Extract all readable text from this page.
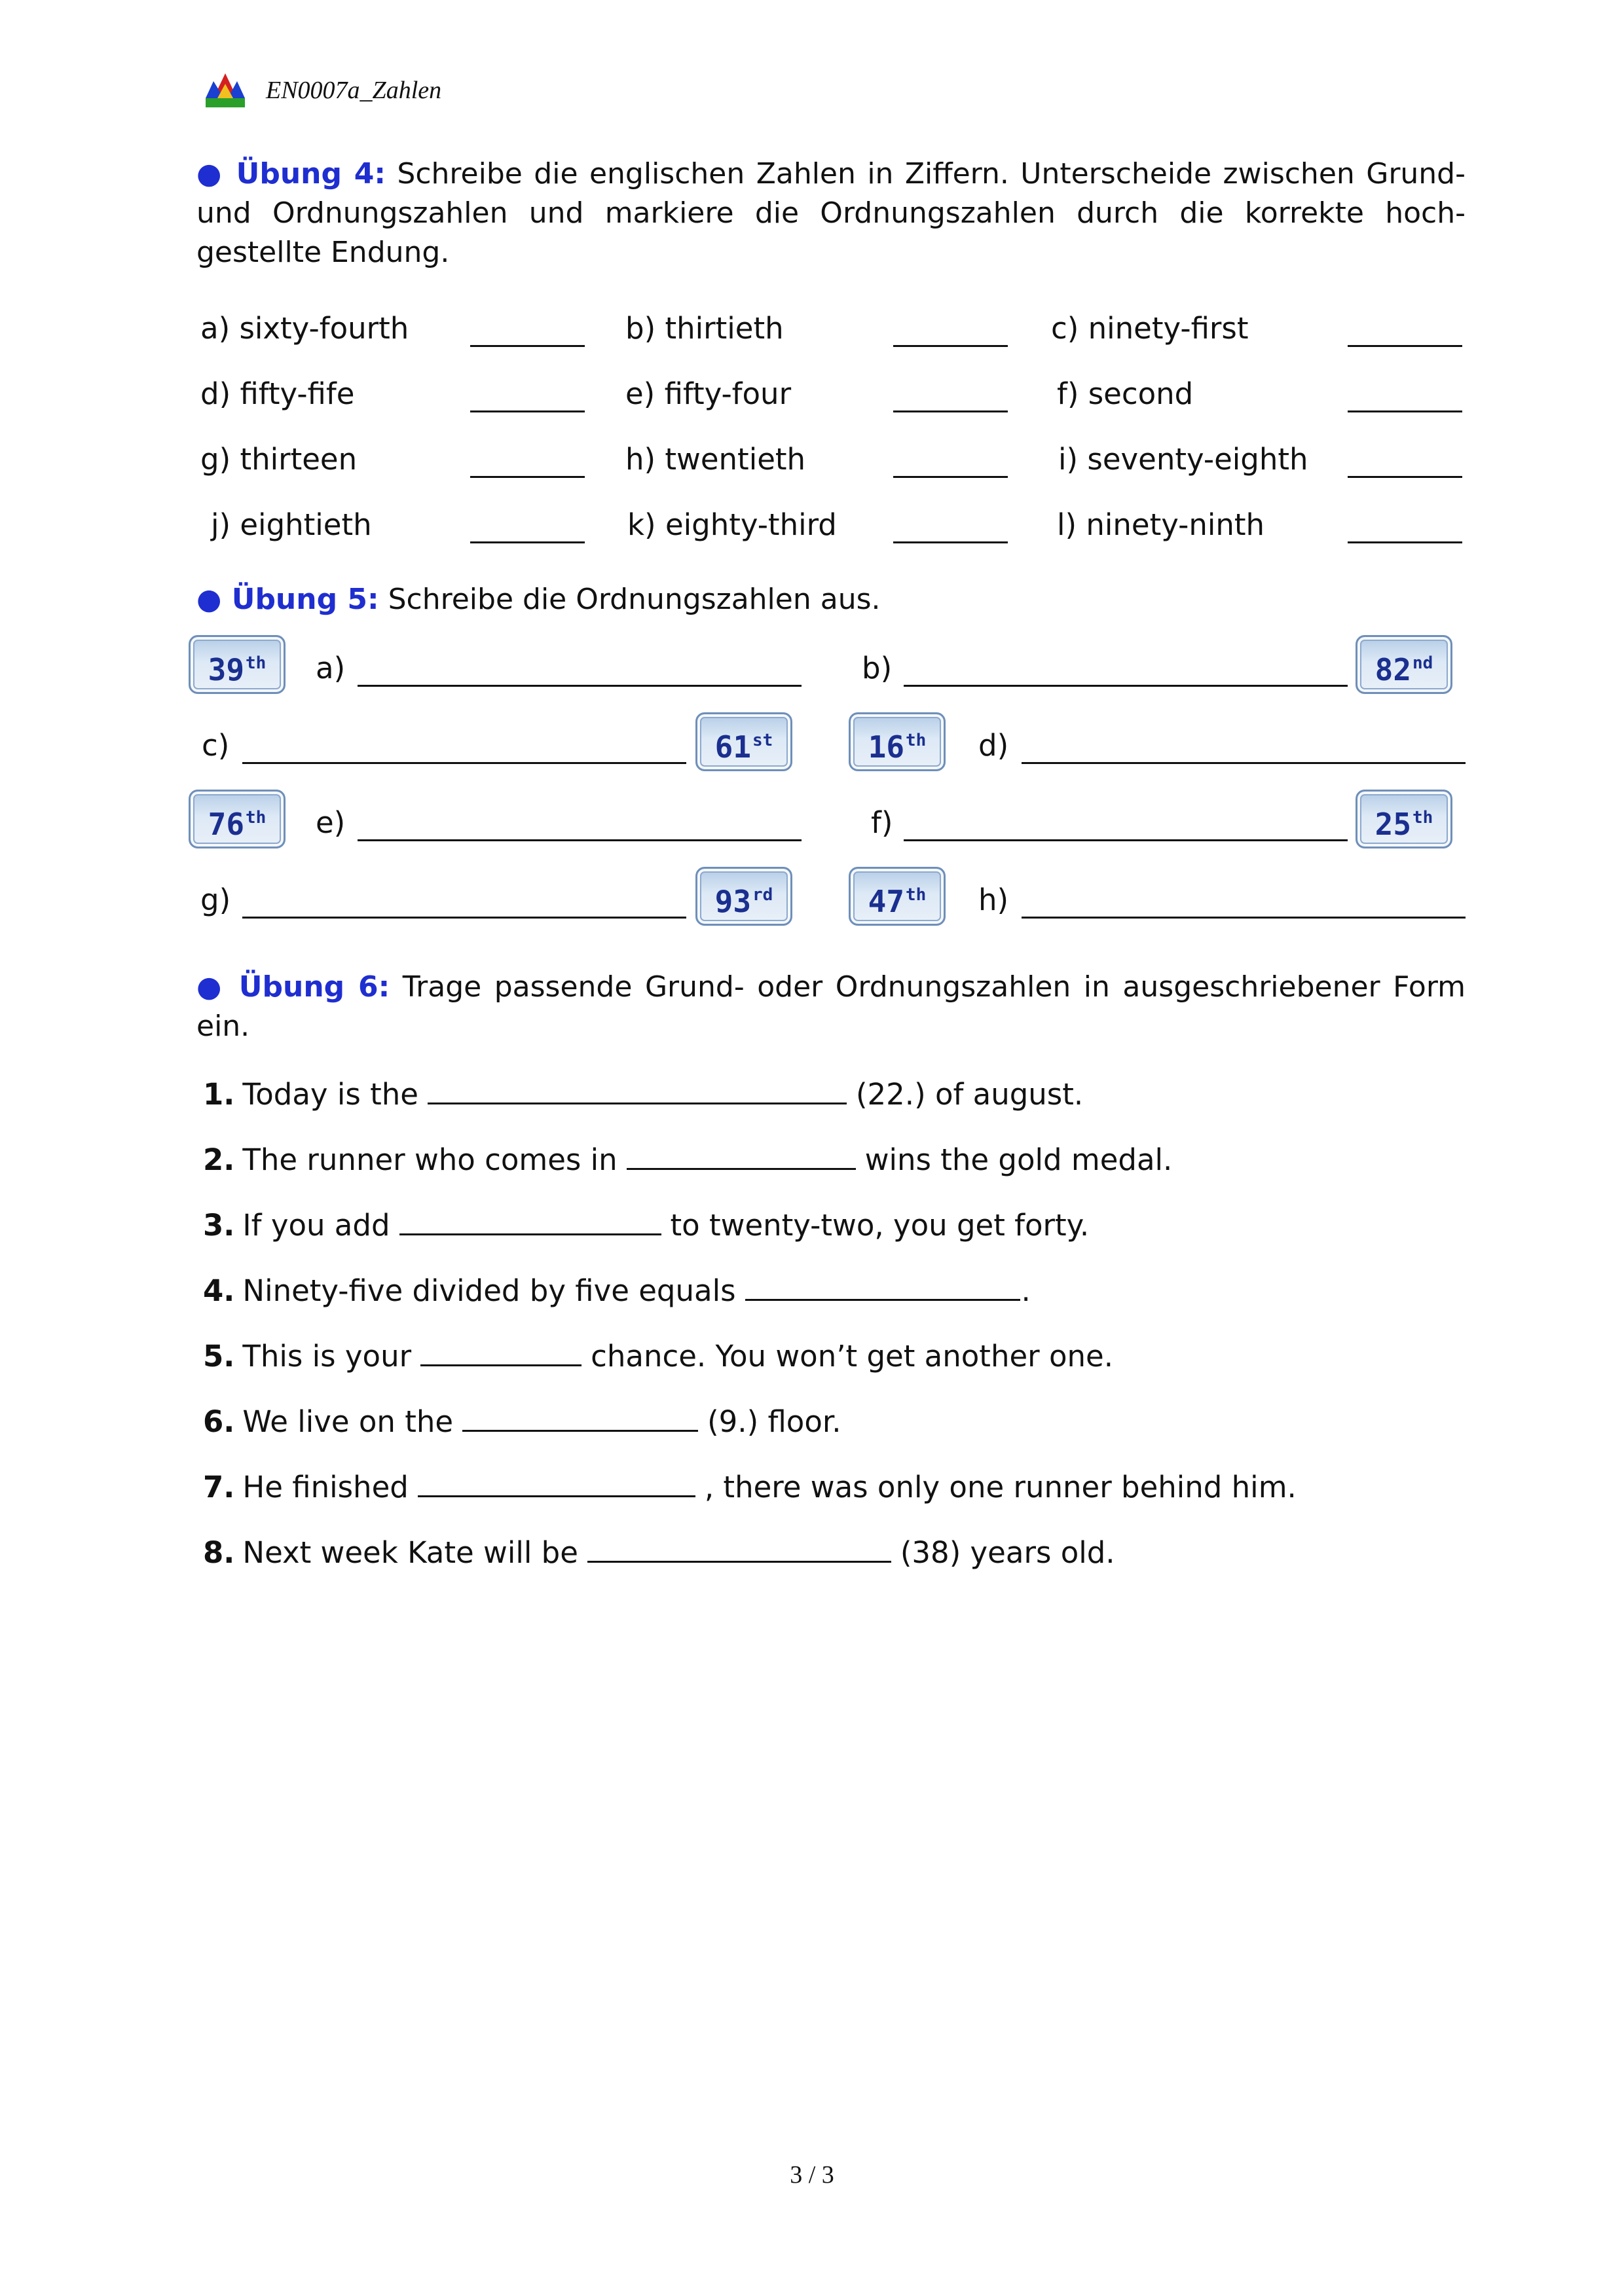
EN0007a_Zahlen
● Übung 4: Schreibe die englischen Zahlen in Ziffern. Unterscheide zwischen Grund- und Ordnungszahlen und markiere die Ordnungszahlen durch die korrekte hoch-gestellte Endung.
a) sixty-fourth	b) thirtieth	c) ninety-first
d) fifty-fife	e) fifty-four	f) second
g) thirteen	h) twentieth	i) seventy-eighth
j) eightieth	k) eighty-third	l) ninety-ninth
● Übung 5: Schreibe die Ordnungszahlen aus.
39th	a)	b)	82nd
c)	61st	16th	d)
76th	e)	f)	25th
g)	93rd	47th	h)
● Übung 6: Trage passende Grund- oder Ordnungszahlen in ausgeschriebener Form ein.
1. Today is the	(22.) of august.
2. The runner who comes in	wins the gold medal.
3. If you add	to twenty-two, you get forty.
4. Ninety-five divided by five equals	.
5. This is your	chance. You won’t get another one.
6. We live on the	(9.) floor.
7. He finished	, there was only one runner behind him.
8. Next week Kate will be	(38) years old.
3 / 3
